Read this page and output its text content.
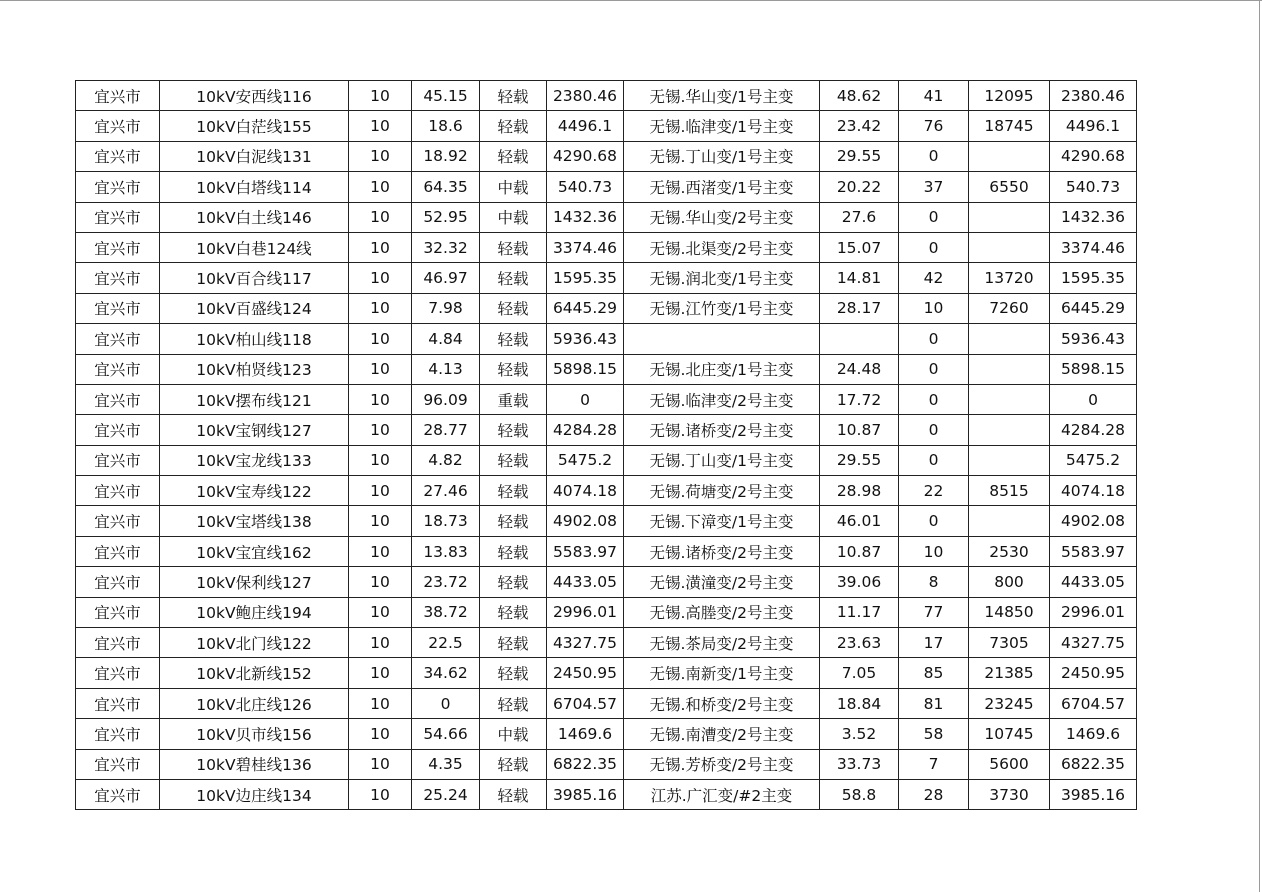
宜兴市	10kV安西线116	10	45.15	轻载	2380.46	无锡.华山变/1号主变	48.62	41	12095	2380.46
宜兴市	10kV白茫线155	10	18.6	轻载	4496.1	无锡.临津变/1号主变	23.42	76	18745	4496.1
宜兴市	10kV白泥线131	10	18.92	轻载	4290.68	无锡.丁山变/1号主变	29.55	0		4290.68
宜兴市	10kV白塔线114	10	64.35	中载	540.73	无锡.西渚变/1号主变	20.22	37	6550	540.73
宜兴市	10kV白土线146	10	52.95	中载	1432.36	无锡.华山变/2号主变	27.6	0		1432.36
宜兴市	10kV白巷124线	10	32.32	轻载	3374.46	无锡.北渠变/2号主变	15.07	0		3374.46
宜兴市	10kV百合线117	10	46.97	轻载	1595.35	无锡.润北变/1号主变	14.81	42	13720	1595.35
宜兴市	10kV百盛线124	10	7.98	轻载	6445.29	无锡.江竹变/1号主变	28.17	10	7260	6445.29
宜兴市	10kV柏山线118	10	4.84	轻载	5936.43			0		5936.43
宜兴市	10kV柏贤线123	10	4.13	轻载	5898.15	无锡.北庄变/1号主变	24.48	0		5898.15
宜兴市	10kV摆布线121	10	96.09	重载	0	无锡.临津变/2号主变	17.72	0		0
宜兴市	10kV宝钢线127	10	28.77	轻载	4284.28	无锡.诸桥变/2号主变	10.87	0		4284.28
宜兴市	10kV宝龙线133	10	4.82	轻载	5475.2	无锡.丁山变/1号主变	29.55	0		5475.2
宜兴市	10kV宝寿线122	10	27.46	轻载	4074.18	无锡.荷塘变/2号主变	28.98	22	8515	4074.18
宜兴市	10kV宝塔线138	10	18.73	轻载	4902.08	无锡.下漳变/1号主变	46.01	0		4902.08
宜兴市	10kV宝宜线162	10	13.83	轻载	5583.97	无锡.诸桥变/2号主变	10.87	10	2530	5583.97
宜兴市	10kV保利线127	10	23.72	轻载	4433.05	无锡.潢潼变/2号主变	39.06	8	800	4433.05
宜兴市	10kV鲍庄线194	10	38.72	轻载	2996.01	无锡.高塍变/2号主变	11.17	77	14850	2996.01
宜兴市	10kV北门线122	10	22.5	轻载	4327.75	无锡.茶局变/2号主变	23.63	17	7305	4327.75
宜兴市	10kV北新线152	10	34.62	轻载	2450.95	无锡.南新变/1号主变	7.05	85	21385	2450.95
宜兴市	10kV北庄线126	10	0	轻载	6704.57	无锡.和桥变/2号主变	18.84	81	23245	6704.57
宜兴市	10kV贝市线156	10	54.66	中载	1469.6	无锡.南漕变/2号主变	3.52	58	10745	1469.6
宜兴市	10kV碧桂线136	10	4.35	轻载	6822.35	无锡.芳桥变/2号主变	33.73	7	5600	6822.35
宜兴市	10kV边庄线134	10	25.24	轻载	3985.16	江苏.广汇变/#2主变	58.8	28	3730	3985.16
